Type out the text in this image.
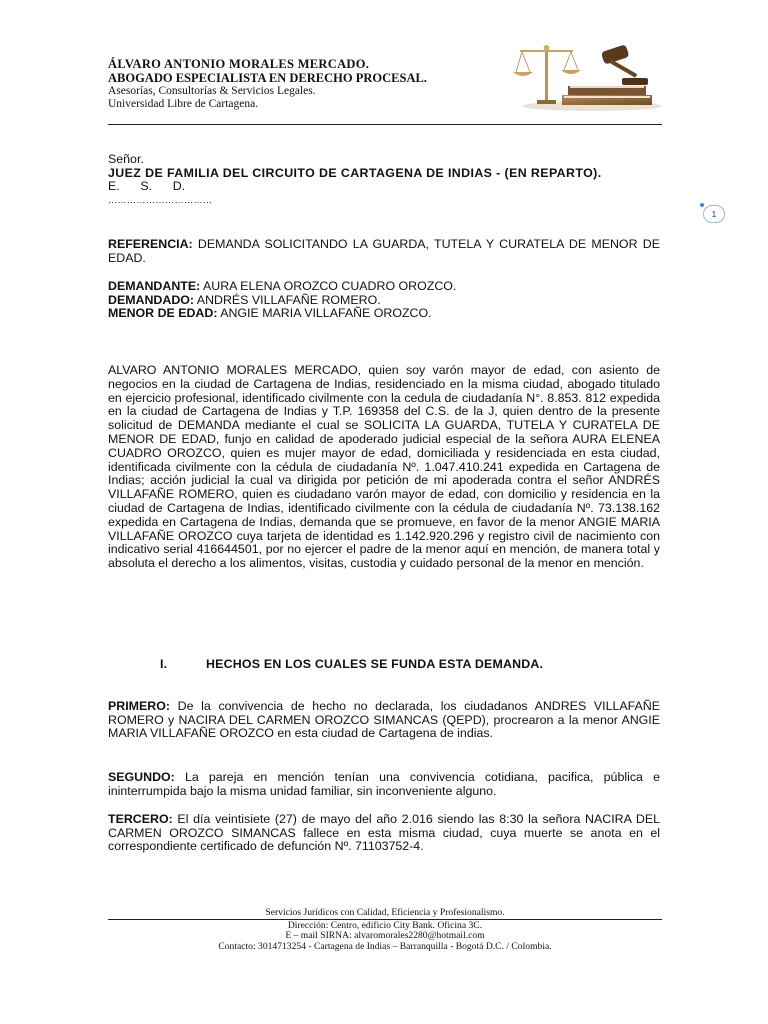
ÁLVARO ANTONIO MORALES MERCADO.
ABOGADO ESPECIALISTA EN DERECHO PROCESAL.
Asesorías, Consultorías & Servicios Legales.
Universidad Libre de Cartagena.
1
Señor.
JUEZ DE FAMILIA DEL CIRCUITO DE CARTAGENA DE INDIAS - (EN REPARTO).
E.      S.      D.
……………………………
REFERENCIA: DEMANDA SOLICITANDO LA GUARDA, TUTELA Y CURATELA DE MENOR DE EDAD.
DEMANDANTE: AURA ELENA OROZCO CUADRO OROZCO.
DEMANDADO: ANDRÉS VILLAFAÑE ROMERO.
MENOR DE EDAD: ANGIE MARIA VILLAFAÑE OROZCO.
ALVARO ANTONIO MORALES MERCADO, quien soy varón mayor de edad, con asiento de negocios en la ciudad de Cartagena de Indias, residenciado en la misma ciudad, abogado titulado en ejercicio profesional, identificado civilmente con la cedula de ciudadanía N°. 8.853. 812 expedida en la ciudad de Cartagena de Indias y T.P. 169358 del C.S. de la J, quien dentro de la presente solicitud de DEMANDA mediante el cual se SOLICITA LA GUARDA, TUTELA Y CURATELA DE MENOR DE EDAD, funjo en calidad de apoderado judicial especial de la señora AURA ELENEA CUADRO OROZCO, quien es mujer mayor de edad, domiciliada y residenciada en esta ciudad, identificada civilmente con la cédula de ciudadanía Nº. 1.047.410.241 expedida en Cartagena de Indias; acción judicial la cual va dirigida por petición de mi apoderada contra el señor ANDRÉS VILLAFAÑE ROMERO, quien es ciudadano varón mayor de edad, con domicilio y residencia en la ciudad de Cartagena de Indias, identificado civilmente con la cédula de ciudadanía Nº. 73.138.162 expedida en Cartagena de Indias, demanda que se promueve, en favor de la menor ANGIE MARIA VILLAFAÑE OROZCO cuya tarjeta de identidad es 1.142.920.296 y registro civil de nacimiento con indicativo serial 416644501, por no ejercer el padre de la menor aquí en mención, de manera total y absoluta el derecho a los alimentos, visitas, custodia y cuidado personal de la menor en mención.
I.	HECHOS EN LOS CUALES SE FUNDA ESTA DEMANDA.
PRIMERO: De la convivencia de hecho no declarada, los ciudadanos ANDRES VILLAFAÑE ROMERO y NACIRA DEL CARMEN OROZCO SIMANCAS (QEPD), procrearon a la menor ANGIE MARIA VILLAFAÑE OROZCO en esta ciudad de Cartagena de indias.
SEGUNDO: La pareja en mención tenían una convivencia cotidiana, pacifica, pública e ininterrumpida bajo la misma unidad familiar, sin inconveniente alguno.
TERCERO: El día veintisiete (27) de mayo del año 2.016 siendo las 8:30 la señora NACIRA DEL CARMEN OROZCO SIMANCAS fallece en esta misma ciudad, cuya muerte se anota en el correspondiente certificado de defunción Nº. 71103752-4.
Servicios Jurídicos con Calidad, Eficiencia y Profesionalismo.
Dirección: Centro, edificio City Bank. Oficina 3C.
E – mail SIRNA: alvaromorales2280@hotmail.com
Contacto: 3014713254 - Cartagena de Indias – Barranquilla - Bogotá D.C. / Colombia.
